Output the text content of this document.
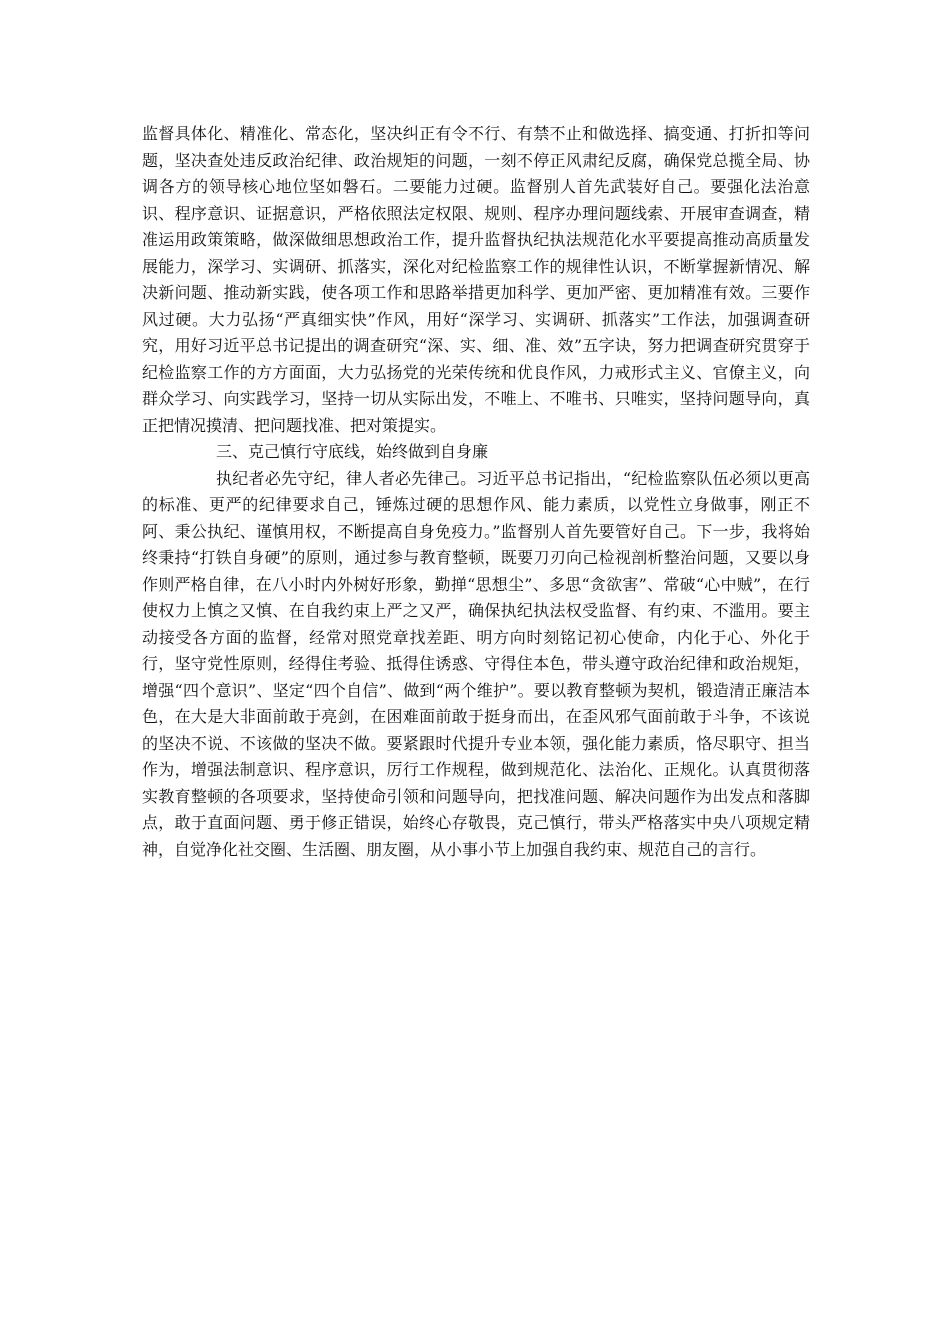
监督具体化、精准化、常态化，坚决纠正有令不行、有禁不止和做选择、搞变通、打折扣等问题，坚决查处违反政治纪律、政治规矩的问题，一刻不停正风肃纪反腐，确保党总揽全局、协调各方的领导核心地位坚如磐石。二要能力过硬。监督别人首先武装好自己。要强化法治意识、程序意识、证据意识，严格依照法定权限、规则、程序办理问题线索、开展审查调查，精准运用政策策略，做深做细思想政治工作，提升监督执纪执法规范化水平要提高推动高质量发展能力，深学习、实调研、抓落实，深化对纪检监察工作的规律性认识，不断掌握新情况、解决新问题、推动新实践，使各项工作和思路举措更加科学、更加严密、更加精准有效。三要作风过硬。大力弘扬“严真细实快”作风，用好“深学习、实调研、抓落实”工作法，加强调查研究，用好习近平总书记提出的调查研究“深、实、细、准、效”五字诀，努力把调查研究贯穿于纪检监察工作的方方面面，大力弘扬党的光荣传统和优良作风，力戒形式主义、官僚主义，向群众学习、向实践学习，坚持一切从实际出发，不唯上、不唯书、只唯实，坚持问题导向，真正把情况摸清、把问题找准、把对策提实。

三、克己慎行守底线，始终做到自身廉

执纪者必先守纪，律人者必先律己。习近平总书记指出，“纪检监察队伍必须以更高的标准、更严的纪律要求自己，锤炼过硬的思想作风、能力素质，以党性立身做事，刚正不阿、秉公执纪、谨慎用权，不断提高自身免疫力。”监督别人首先要管好自己。下一步，我将始终秉持“打铁自身硬”的原则，通过参与教育整顿，既要刀刃向己检视剖析整治问题，又要以身作则严格自律，在八小时内外树好形象，勤掸“思想尘”、多思“贪欲害”、常破“心中贼”，在行使权力上慎之又慎、在自我约束上严之又严，确保执纪执法权受监督、有约束、不滥用。要主动接受各方面的监督，经常对照党章找差距、明方向时刻铭记初心使命，内化于心、外化于行，坚守党性原则，经得住考验、抵得住诱惑、守得住本色，带头遵守政治纪律和政治规矩，增强“四个意识”、坚定“四个自信”、做到“两个维护”。要以教育整顿为契机，锻造清正廉洁本色，在大是大非面前敢于亮剑，在困难面前敢于挺身而出，在歪风邪气面前敢于斗争，不该说的坚决不说、不该做的坚决不做。要紧跟时代提升专业本领，强化能力素质，恪尽职守、担当作为，增强法制意识、程序意识，厉行工作规程，做到规范化、法治化、正规化。认真贯彻落实教育整顿的各项要求，坚持使命引领和问题导向，把找准问题、解决问题作为出发点和落脚点，敢于直面问题、勇于修正错误，始终心存敬畏，克己慎行，带头严格落实中央八项规定精神，自觉净化社交圈、生活圈、朋友圈，从小事小节上加强自我约束、规范自己的言行。
